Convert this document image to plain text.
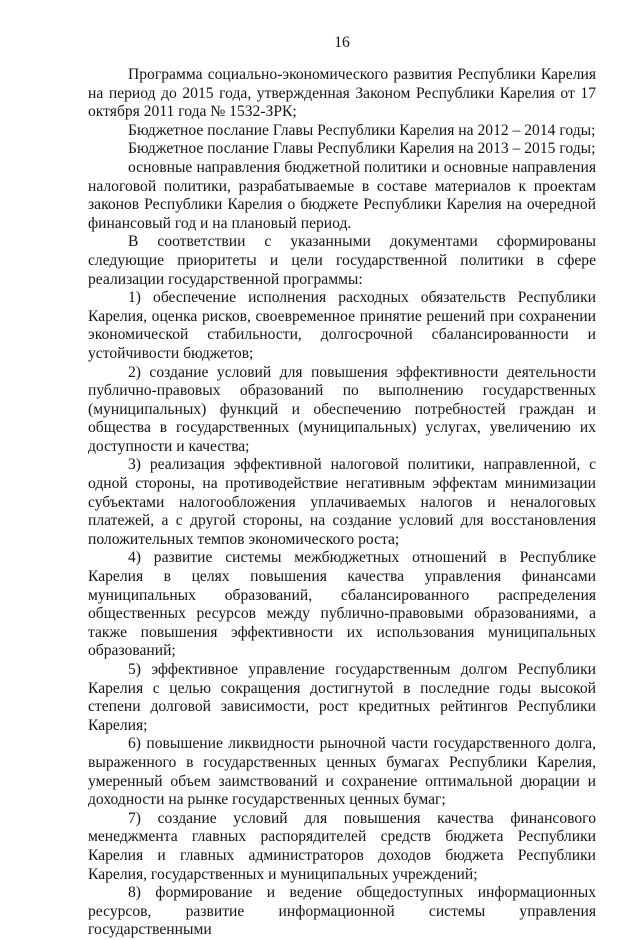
16

Программа социально-экономического развития Республики Карелия на период до 2015 года, утвержденная Законом Республики Карелия от 17 октября 2011 года № 1532-ЗРК;

Бюджетное послание Главы Республики Карелия на 2012 – 2014 годы;

Бюджетное послание Главы Республики Карелия на 2013 – 2015 годы;

основные направления бюджетной политики и основные направления налоговой политики, разрабатываемые в составе материалов к проектам законов Республики Карелия о бюджете Республики Карелия на очередной финансовый год и на плановый период.

В соответствии с указанными документами сформированы следующие приоритеты и цели государственной политики в сфере реализации государственной программы:

1) обеспечение исполнения расходных обязательств Республики Карелия, оценка рисков, своевременное принятие решений при сохранении экономической стабильности, долгосрочной сбалансированности и устойчивости бюджетов;

2) создание условий для повышения эффективности деятельности публично-правовых образований по выполнению государственных (муниципальных) функций и обеспечению потребностей граждан и общества в государственных (муниципальных) услугах, увеличению их доступности и качества;

3) реализация эффективной налоговой политики, направленной, с одной стороны, на противодействие негативным эффектам минимизации субъектами налогообложения уплачиваемых налогов и неналоговых платежей, а с другой стороны, на создание условий для восстановления положительных темпов экономического роста;

4) развитие системы межбюджетных отношений в Республике Карелия в целях повышения качества управления финансами муниципальных образований, сбалансированного распределения общественных ресурсов между публично-правовыми образованиями, а также повышения эффективности их использования муниципальных образований;

5) эффективное управление государственным долгом Республики Карелия с целью сокращения достигнутой в последние годы высокой степени долговой зависимости, рост кредитных рейтингов Республики Карелия;

6) повышение ликвидности рыночной части государственного долга, выраженного в государственных ценных бумагах Республики Карелия, умеренный объем заимствований и сохранение оптимальной дюрации и доходности на рынке государственных ценных бумаг;

7) создание условий для повышения качества финансового менеджмента главных распорядителей средств бюджета Республики Карелия и главных администраторов доходов бюджета Республики Карелия, государственных и муниципальных учреждений;

8) формирование и ведение общедоступных информационных ресурсов, развитие информационной системы управления государственными
